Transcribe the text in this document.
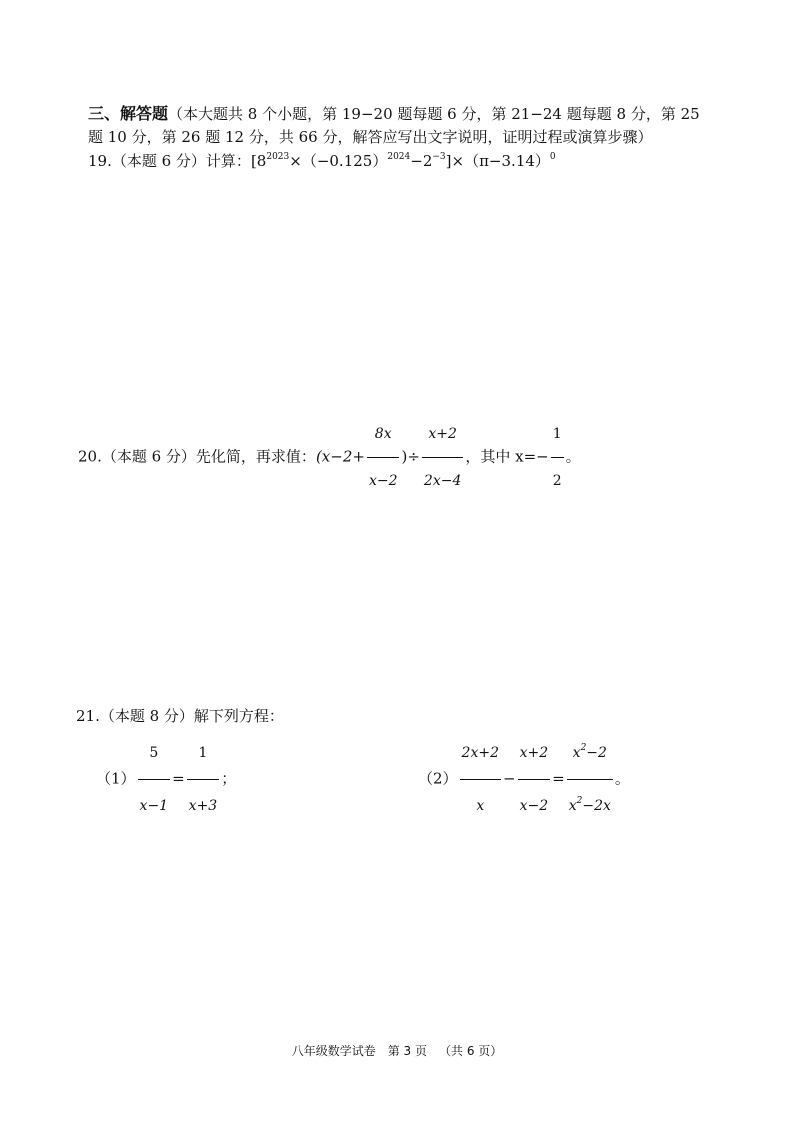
三、解答题（本大题共 8 个小题，第 19−20 题每题 6 分，第 21−24 题每题 8 分，第 25
题 10 分，第 26 题 12 分，共 66 分，解答应写出文字说明，证明过程或演算步骤）
19.（本题 6 分）计算：$[8^{2023}\times(-0.125)^{2024}-2^{-3}]\times(\pi-3.14)^0$
20.（本题 6 分）先化简，再求值：($x-2+ \frac{8x}{x-2}$ )÷ $\frac{x+2}{2x-4}$ ，其中 $x=- \frac{1}{2}$ 。
21.（本题 8 分）解下列方程：
$(1) \frac{5}{x-1} = \frac{1}{x+3}$ ；	$(2) \frac{2x+2}{x} - \frac{x+2}{x-2} = \frac{x^2-2}{x^2-2x}$ 。
八年级数学试卷 第 3 页 （共 6 页）
